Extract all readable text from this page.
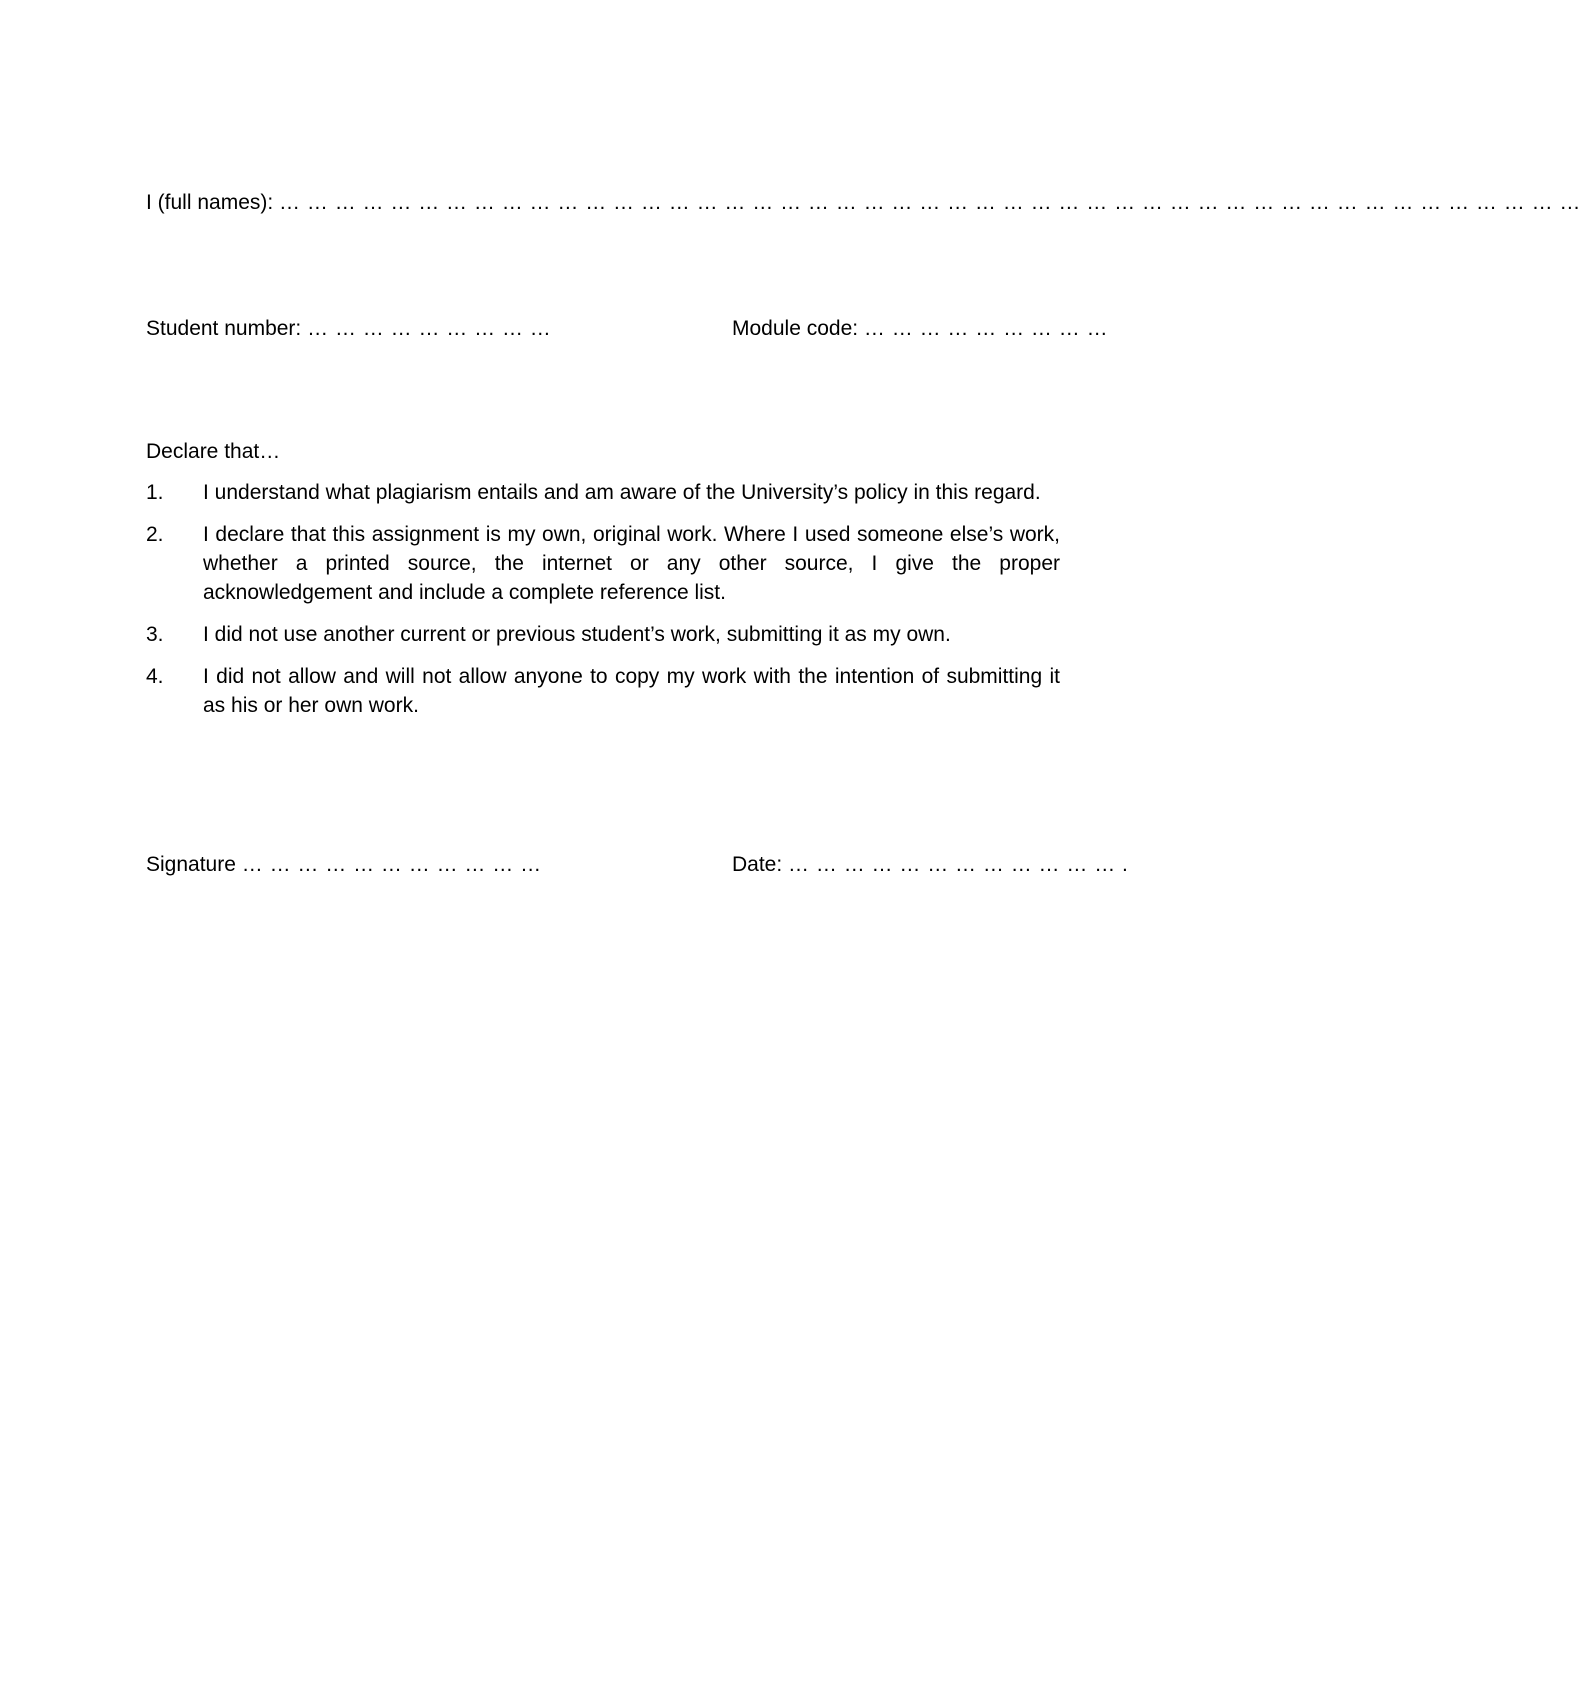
I (full names): … … … … … … … … … … … … … … … … … … … … … … … … … … … … … … … … … … … … … … … … … … … … … … …
Student number: … … … … … … … … …	Module code: … … … … … … … … …
Declare that…
1. I understand what plagiarism entails and am aware of the University’s policy in this regard.
2. I declare that this assignment is my own, original work. Where I used someone else’s work, whether a printed source, the internet or any other source, I give the proper acknowledgement and include a complete reference list.
3. I did not use another current or previous student’s work, submitting it as my own.
4. I did not allow and will not allow anyone to copy my work with the intention of submitting it as his or her own work.
Signature … … … … … … … … … … …	Date: … … … … … … … … … … … … .
